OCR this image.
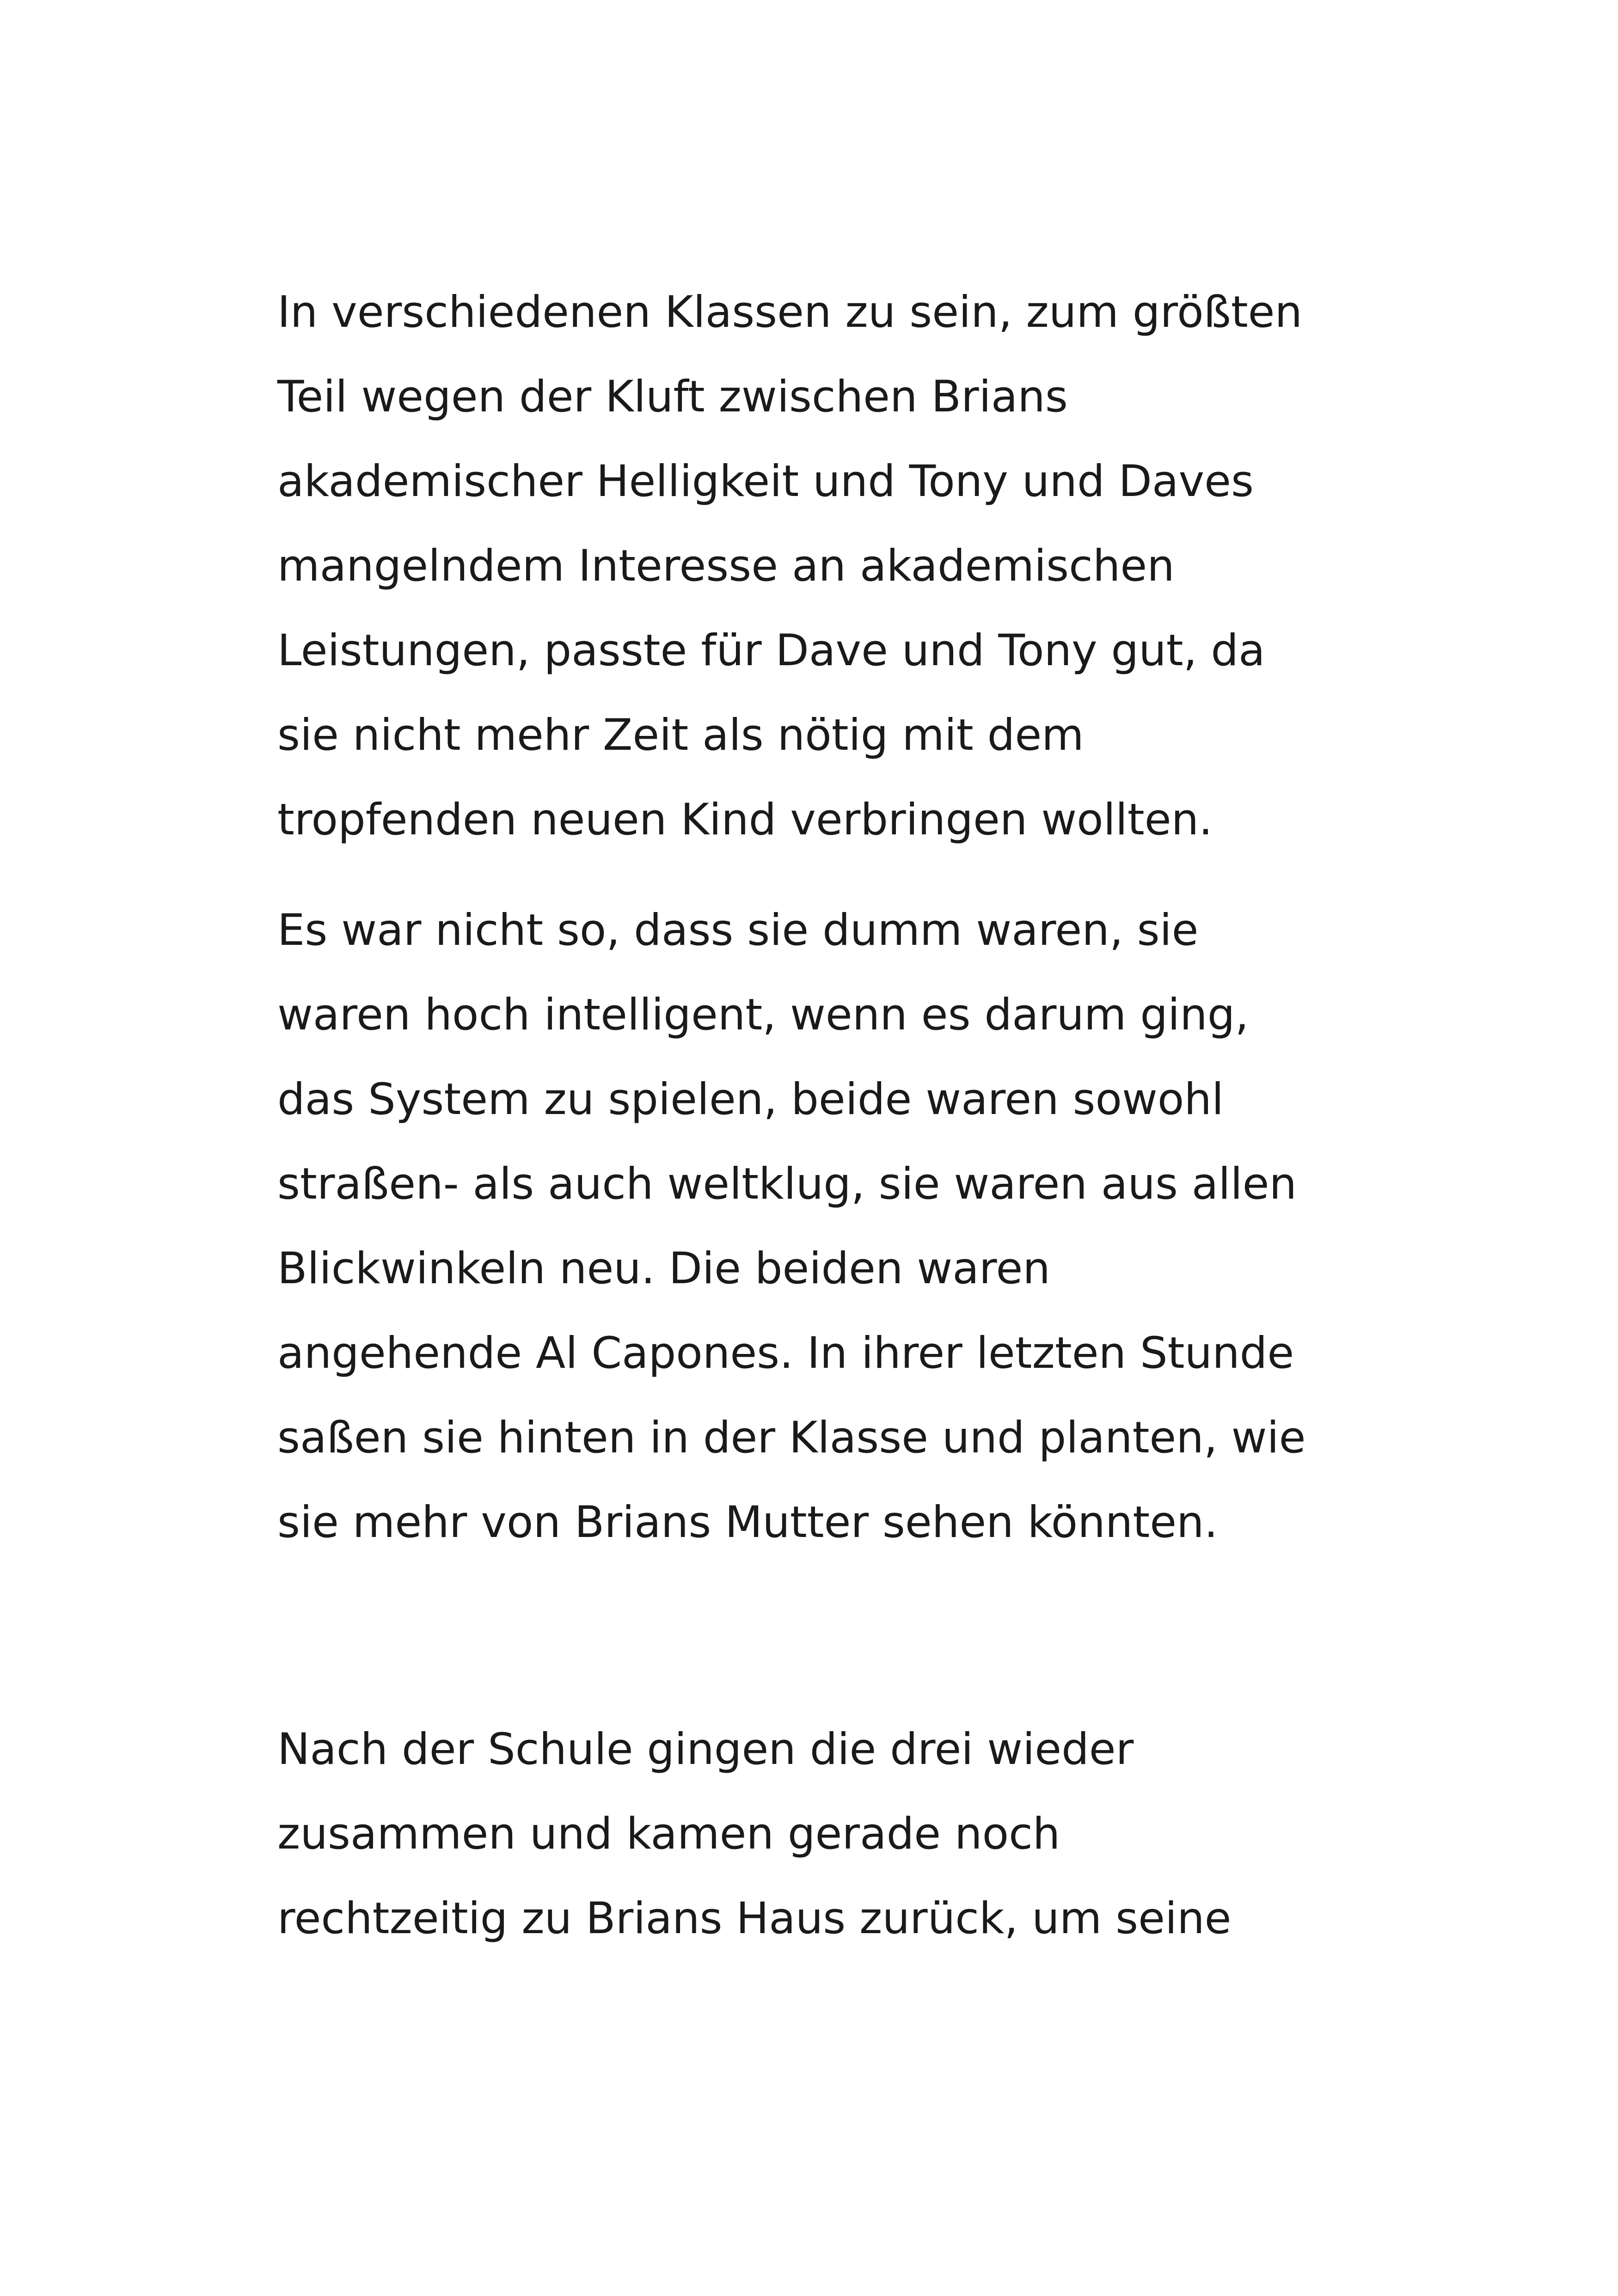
In verschiedenen Klassen zu sein, zum größten
Teil wegen der Kluft zwischen Brians
akademischer Helligkeit und Tony und Daves
mangelndem Interesse an akademischen
Leistungen, passte für Dave und Tony gut, da
sie nicht mehr Zeit als nötig mit dem
tropfenden neuen Kind verbringen wollten.
Es war nicht so, dass sie dumm waren, sie
waren hoch intelligent, wenn es darum ging,
das System zu spielen, beide waren sowohl
straßen- als auch weltklug, sie waren aus allen
Blickwinkeln neu. Die beiden waren
angehende Al Capones. In ihrer letzten Stunde
saßen sie hinten in der Klasse und planten, wie
sie mehr von Brians Mutter sehen könnten.
Nach der Schule gingen die drei wieder
zusammen und kamen gerade noch
rechtzeitig zu Brians Haus zurück, um seine
